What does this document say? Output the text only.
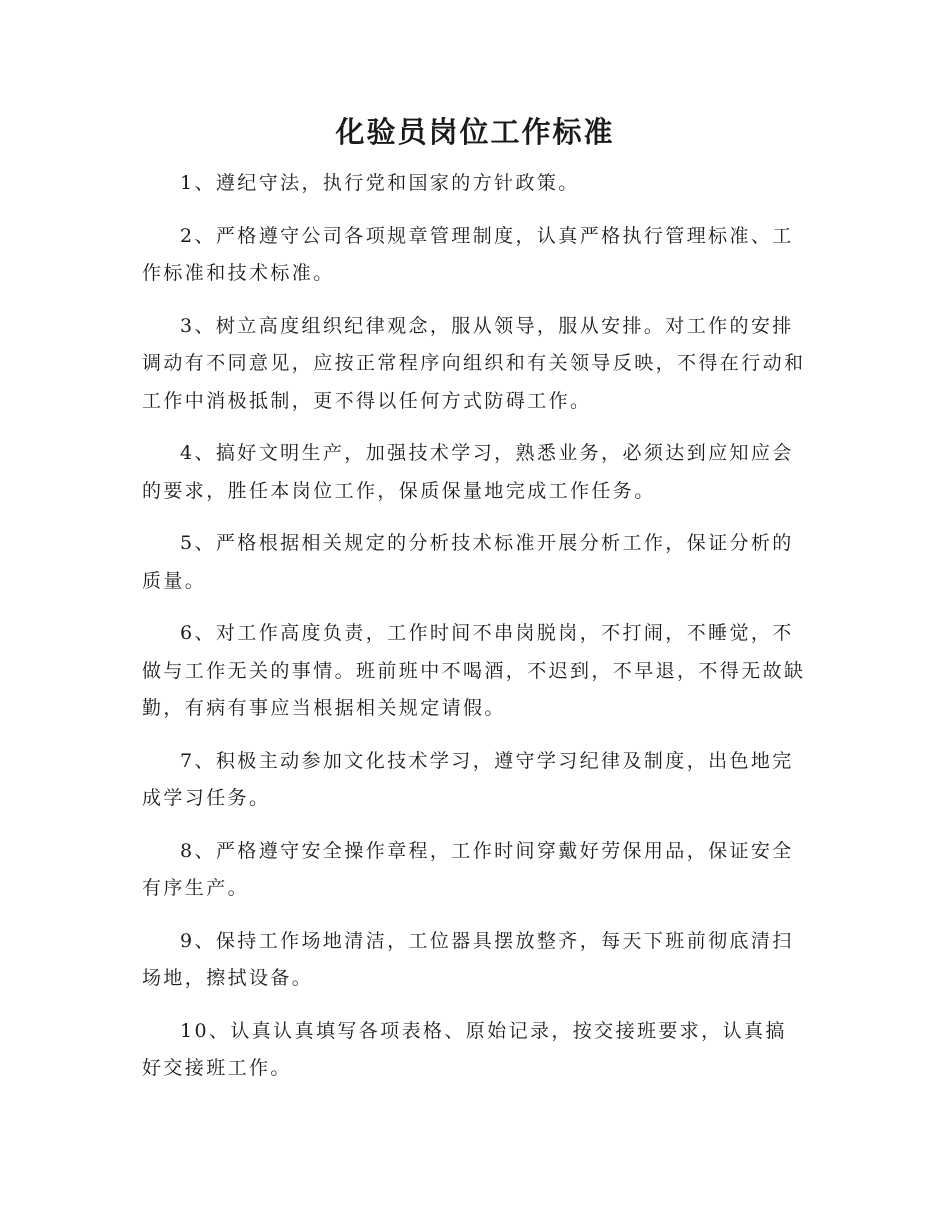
化验员岗位工作标准

1、遵纪守法，执行党和国家的方针政策。

2、严格遵守公司各项规章管理制度，认真严格执行管理标准、工作标准和技术标准。

3、树立高度组织纪律观念，服从领导，服从安排。对工作的安排调动有不同意见，应按正常程序向组织和有关领导反映，不得在行动和工作中消极抵制，更不得以任何方式防碍工作。

4、搞好文明生产，加强技术学习，熟悉业务，必须达到应知应会的要求，胜任本岗位工作，保质保量地完成工作任务。

5、严格根据相关规定的分析技术标准开展分析工作，保证分析的质量。

6、对工作高度负责，工作时间不串岗脱岗，不打闹，不睡觉，不做与工作无关的事情。班前班中不喝酒，不迟到，不早退，不得无故缺勤，有病有事应当根据相关规定请假。

7、积极主动参加文化技术学习，遵守学习纪律及制度，出色地完成学习任务。

8、严格遵守安全操作章程，工作时间穿戴好劳保用品，保证安全有序生产。

9、保持工作场地清洁，工位器具摆放整齐，每天下班前彻底清扫场地，擦拭设备。

10、认真认真填写各项表格、原始记录，按交接班要求，认真搞好交接班工作。
